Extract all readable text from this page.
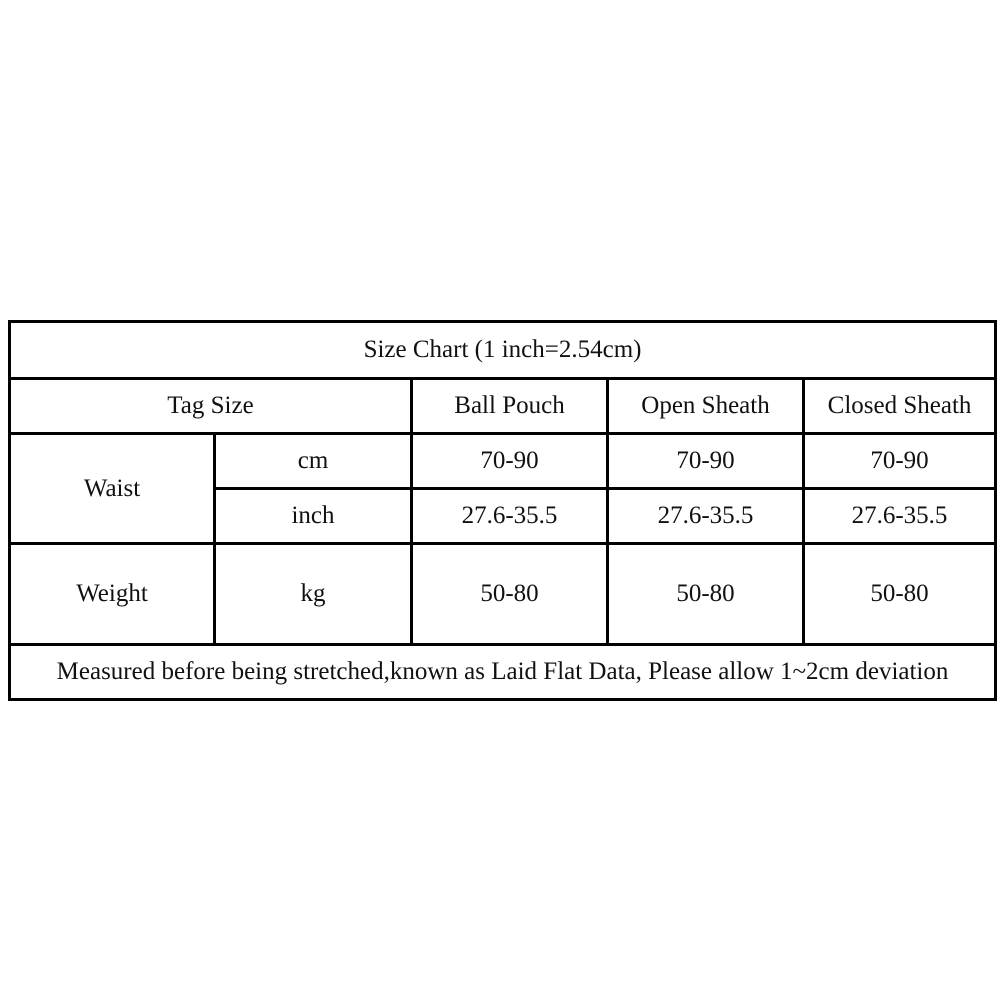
Size Chart (1 inch=2.54cm)				
Tag Size		Ball Pouch	Open Sheath	Closed Sheath
Waist	cm	70-90	70-90	70-90
	inch	27.6-35.5	27.6-35.5	27.6-35.5
Weight	kg	50-80	50-80	50-80
Measured before being stretched,known as Laid Flat Data, Please allow 1~2cm deviation				
